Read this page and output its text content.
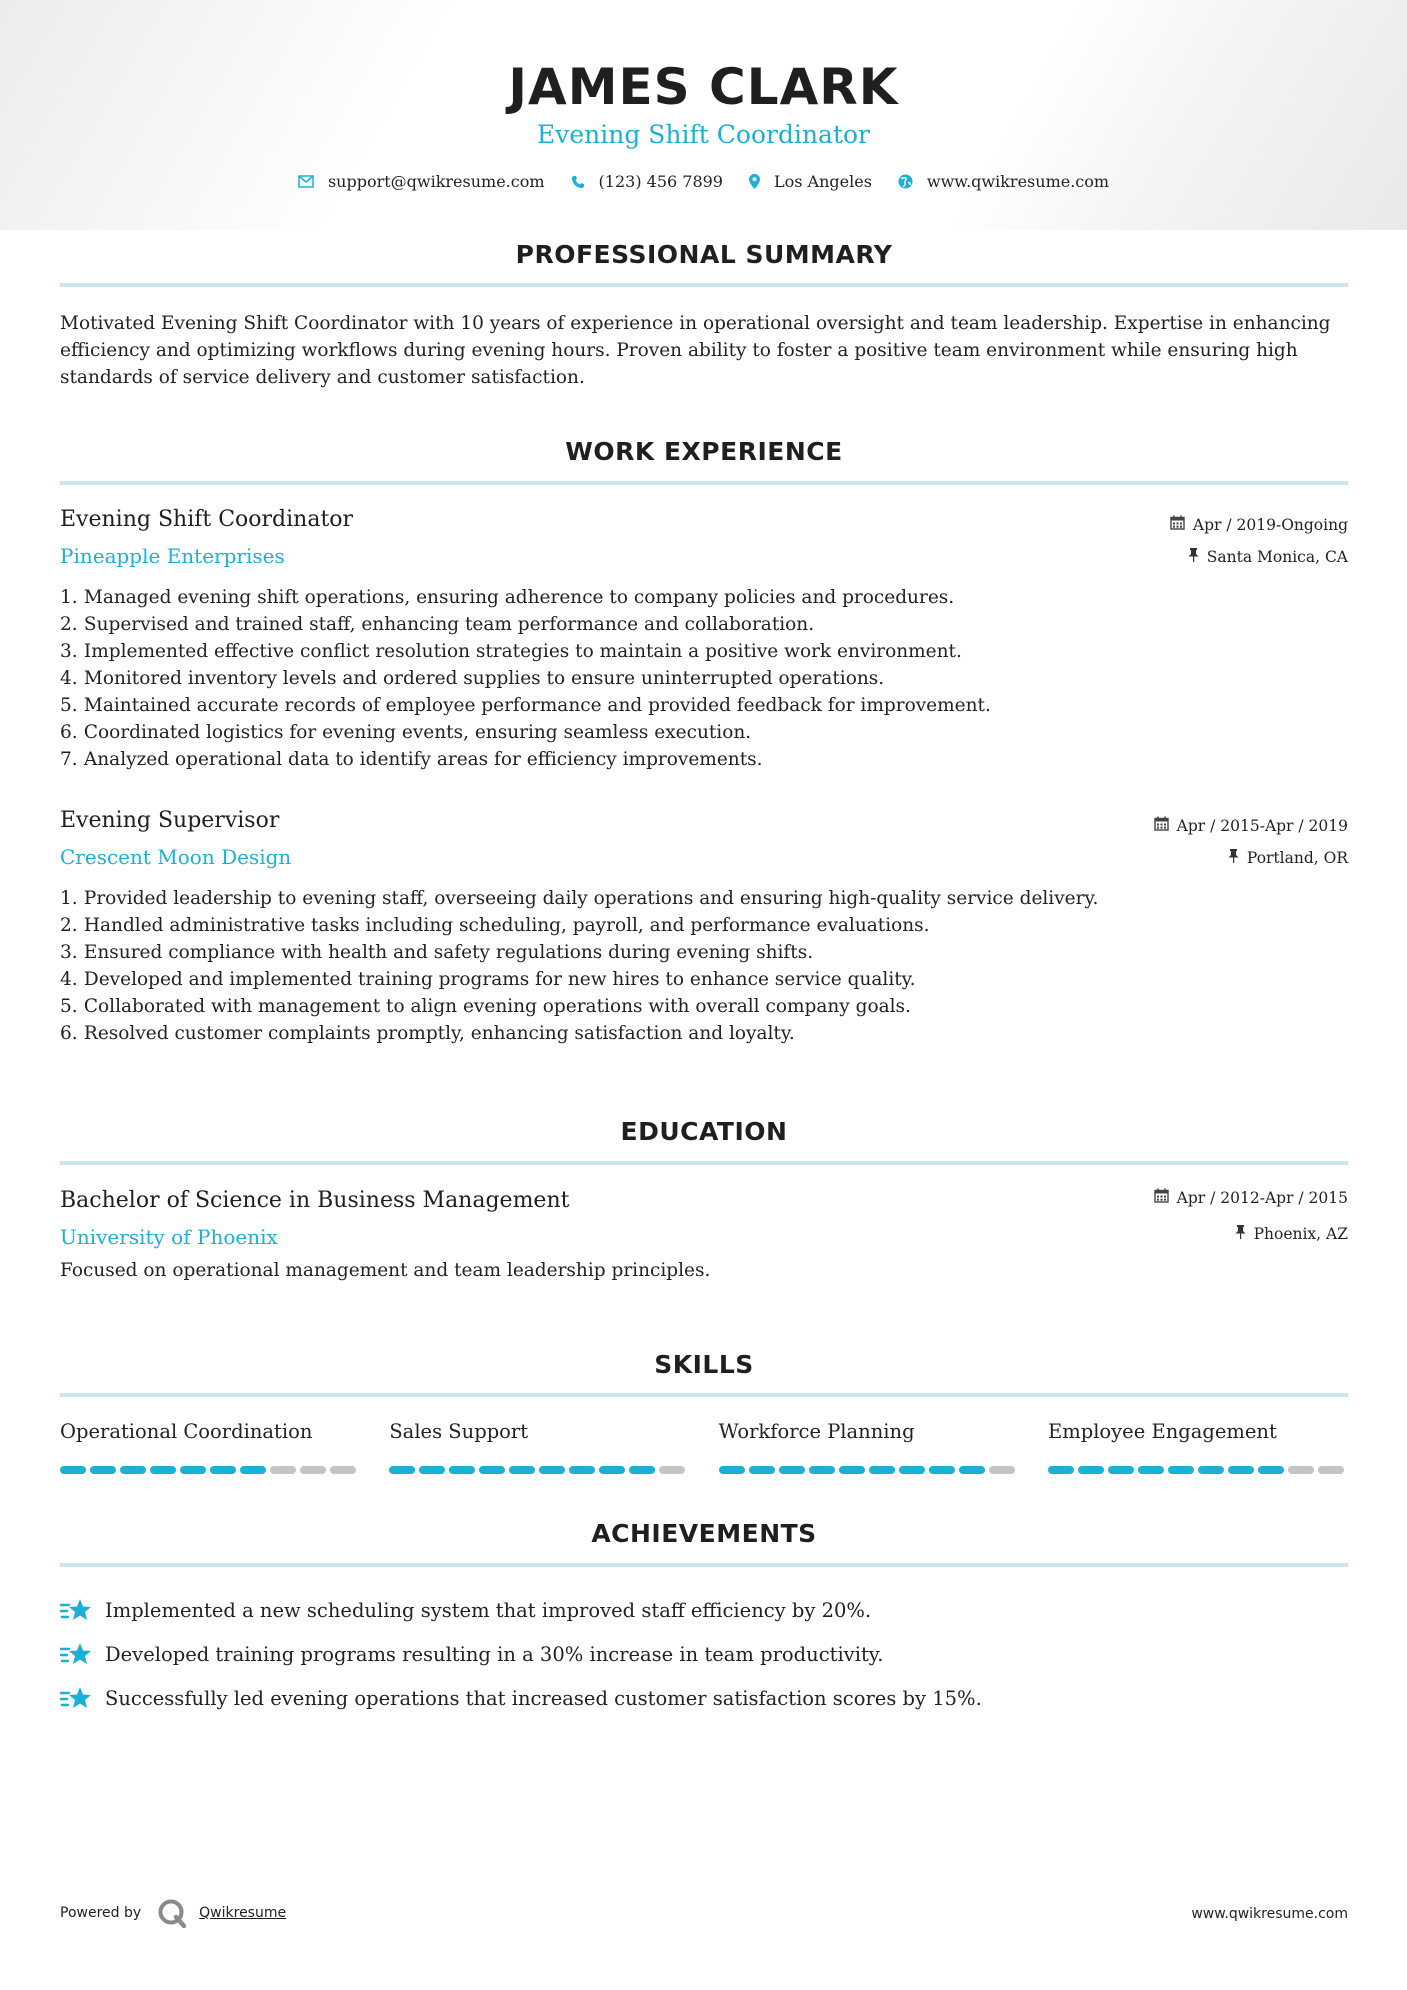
JAMES CLARK
Evening Shift Coordinator
support@qwikresume.com	(123) 456 7899	Los Angeles	www.qwikresume.com
PROFESSIONAL SUMMARY
Motivated Evening Shift Coordinator with 10 years of experience in operational oversight and team leadership. Expertise in enhancing efficiency and optimizing workflows during evening hours. Proven ability to foster a positive team environment while ensuring high standards of service delivery and customer satisfaction.
WORK EXPERIENCE
Evening Shift Coordinator
Pineapple Enterprises
Apr / 2019-Ongoing
Santa Monica, CA
1. Managed evening shift operations, ensuring adherence to company policies and procedures.
2. Supervised and trained staff, enhancing team performance and collaboration.
3. Implemented effective conflict resolution strategies to maintain a positive work environment.
4. Monitored inventory levels and ordered supplies to ensure uninterrupted operations.
5. Maintained accurate records of employee performance and provided feedback for improvement.
6. Coordinated logistics for evening events, ensuring seamless execution.
7. Analyzed operational data to identify areas for efficiency improvements.
Evening Supervisor
Crescent Moon Design
Apr / 2015-Apr / 2019
Portland, OR
1. Provided leadership to evening staff, overseeing daily operations and ensuring high-quality service delivery.
2. Handled administrative tasks including scheduling, payroll, and performance evaluations.
3. Ensured compliance with health and safety regulations during evening shifts.
4. Developed and implemented training programs for new hires to enhance service quality.
5. Collaborated with management to align evening operations with overall company goals.
6. Resolved customer complaints promptly, enhancing satisfaction and loyalty.
EDUCATION
Bachelor of Science in Business Management
University of Phoenix
Apr / 2012-Apr / 2015
Phoenix, AZ
Focused on operational management and team leadership principles.
SKILLS
Operational Coordination	Sales Support	Workforce Planning	Employee Engagement
ACHIEVEMENTS
Implemented a new scheduling system that improved staff efficiency by 20%.
Developed training programs resulting in a 30% increase in team productivity.
Successfully led evening operations that increased customer satisfaction scores by 15%.
Powered by	Qwikresume	www.qwikresume.com
